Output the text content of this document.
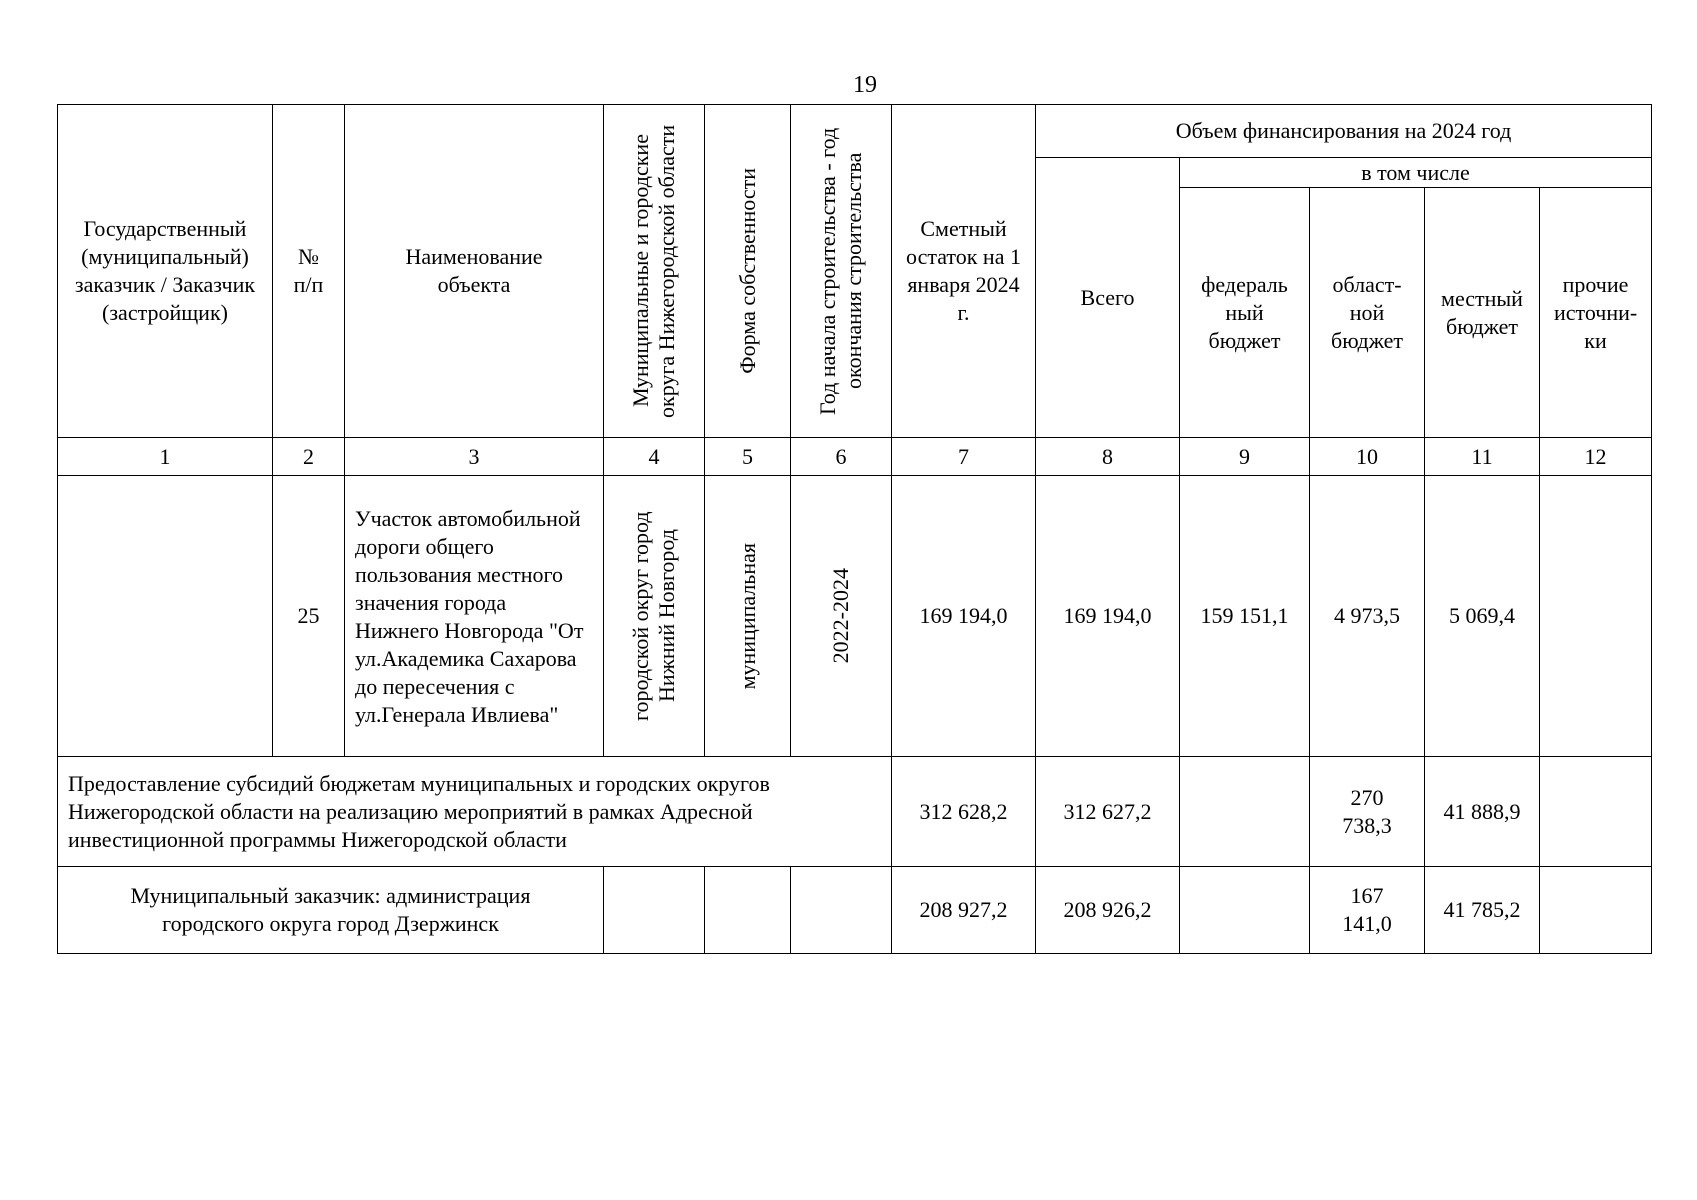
19
Государственный (муниципальный) заказчик / Заказчик (застройщик)	№ п/п	Наименование объекта	Муниципальные и городские округа Нижегородской области	Форма собственности	Год начала строительства - год окончания строительства	Сметный остаток на 1 января 2024 г.	Объем финансирования на 2024 год				
							Всего	в том числе			
								федераль ный бюджет	област- ной бюджет	местный бюджет	прочие источни- ки
1	2	3	4	5	6	7	8	9	10	11	12
	25	Участок автомобильной дороги общего пользования местного значения города Нижнего Новгорода "От ул.Академика Сахарова до пересечения с ул.Генерала Ивлиева"	городской округ город Нижний Новгород	муниципальная	2022-2024	169 194,0	169 194,0	159 151,1	4 973,5	5 069,4	
Предоставление субсидий бюджетам муниципальных и городских округов Нижегородской области на реализацию мероприятий в рамках Адресной инвестиционной программы Нижегородской области						312 628,2	312 627,2		270 738,3	41 888,9	
Муниципальный заказчик: администрация городского округа город Дзержинск						208 927,2	208 926,2		167 141,0	41 785,2	
